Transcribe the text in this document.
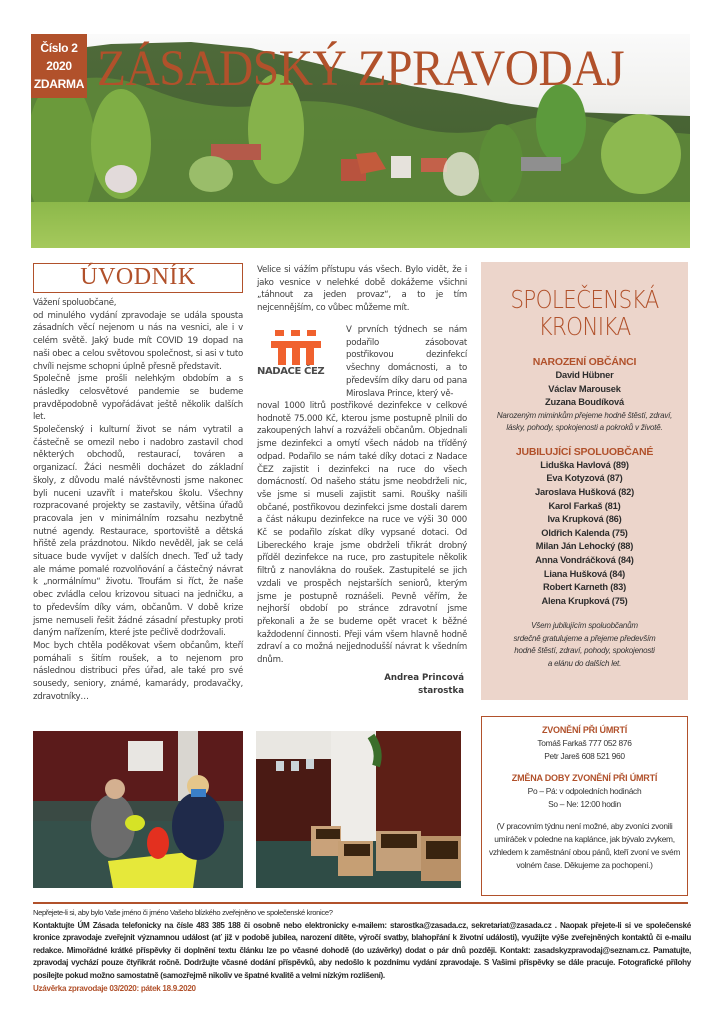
Číslo 2
2020
ZDARMA ZÁSADSKÝ ZPRAVODAJ
ÚVODNÍK

Vážení spoluobčané,

od minulého vydání zpravodaje se udála spousta zásadních věcí nejenom u nás na vesnici, ale i v celém světě. Jaký bude mít COVID 19 dopad na naši obec a celou světovou společnost, si asi v tuto chvíli nejsme schopni úplně přesně představit.

Společně jsme prošli nelehkým obdobím a s následky celosvětové pandemie se budeme pravděpodobně vypořádávat ještě několik dalších let.

Společenský i kulturní život se nám vytratil a částečně se omezil nebo i nadobro zastavil chod některých obchodů, restaurací, továren a organizací. Žáci nesměli docházet do základní školy, z důvodu malé návštěvnosti jsme nakonec byli nuceni uzavřít i mateřskou školu. Všechny rozpracované projekty se zastavily, většina úřadů pracovala jen v minimálním rozsahu nezbytně nutné agendy. Restaurace, sportoviště a dětská hřiště zela prázdnotou. Nikdo nevěděl, jak se celá situace bude vyvíjet v dalších dnech. Teď už tady ale máme pomalé rozvolňování a částečný návrat k „normálnímu“ životu. Troufám si říct, že naše obec zvládla celou krizovou situaci na jedničku, a to především díky vám, občanům. V době krize jsme nemuseli řešit žádné zásadní přestupky proti daným nařízením, které jste pečlivě dodržovali.

Moc bych chtěla poděkovat všem občanům, kteří pomáhali s šitím roušek, a to nejenom pro následnou distribuci přes úřad, ale také pro své sousedy, seniory, známé, kamarády, prodavačky, zdravotníky…

Velice si vážím přístupu vás všech. Bylo vidět, že i jako vesnice v nelehké době dokážeme všichni „táhnout za jeden provaz“, a to je tím nejcennějším, co vůbec můžeme mít.

NADACE ČEZ
V prvních týdnech se nám podařilo zásobovat postřikovou dezinfekcí všechny domácnosti, a to především díky daru od pana Miroslava Prince, který vě-

noval 1000 litrů postřikové dezinfekce v celkové hodnotě 75.000 Kč, kterou jsme postupně plnili do zakoupených lahví a rozváželi občanům. Objednali jsme dezinfekci a omytí všech nádob na tříděný odpad. Podařilo se nám také díky dotaci z Nadace ČEZ zajistit i dezinfekci na ruce do všech domácností. Od našeho státu jsme neobdrželi nic, vše jsme si museli zajistit sami. Roušky našili občané, postřikovou dezinfekci jsme dostali darem a část nákupu dezinfekce na ruce ve výši 30 000 Kč se podařilo získat díky vypsané dotaci. Od Libereckého kraje jsme obdrželi třikrát drobný příděl dezinfekce na ruce, pro zastupitele několik filtrů z nanovlákna do roušek. Zastupitelé se jich vzdali ve prospěch nejstarších seniorů, kterým jsme je postupně roznášeli. Pevně věřím, že nejhorší období po stránce zdravotní jsme překonali a že se budeme opět vracet k běžné každodenní činnosti. Přeji vám všem hlavně hodně zdraví a co možná nejjednodušší návrat k všedním dnům.

Andrea Princová
starostka
SPOLEČENSKÁ
KRONIKA
NAROZENÍ OBČÁNCI
David Hübner
Václav Marousek
Zuzana Boudíková
Narozeným miminkům přejeme hodně štěstí, zdraví,
lásky, pohody, spokojenosti a pokroků v životě.
JUBILUJÍCÍ SPOLUOBČANÉ
Liduška Havlová (89)
Eva Kotyzová (87)
Jaroslava Hušková (82)
Karol Farkaš (81)
Iva Krupková (86)
Oldřich Kalenda (75)
Milan Ján Lehocký (88)
Anna Vondráčková (84)
Liana Hušková (84)
Robert Karneth (83)
Alena Krupková (75)
Všem jubilujícím spoluobčanům
srdečně gratulujeme a přejeme především
hodně štěstí, zdraví, pohody, spokojenosti
a elánu do dalších let.
ZVONĚNÍ PŘI ÚMRTÍ
Tomáš Farkaš 777 052 876
Petr Jareš 608 521 960
ZMĚNA DOBY ZVONĚNÍ PŘI ÚMRTÍ
Po – Pá: v odpoledních hodinách
So – Ne: 12:00 hodin
(V pracovním týdnu není možné, aby zvoníci zvonili
umíráček v poledne na kaplánce, jak bývalo zvykem,
vzhledem k zaměstnání obou pánů, kteří zvoní ve svém
volném čase. Děkujeme za pochopení.)
Nepřejete-li si, aby bylo Vaše jméno či jméno Vašeho blízkého zveřejněno ve společenské kronice?
Kontaktujte ÚM Zásada telefonicky na čísle 483 385 188 či osobně nebo elektronicky e-mailem: starostka@zasada.cz, sekretariat@zasada.cz . Naopak přejete-li si ve společenské kronice zpravodaje zveřejnit významnou událost (ať již v podobě jubilea, narození dítěte, výročí svatby, blahopřání k životní události), využijte výše zveřejněných kontaktů či e-mailu redakce. Mimořádné krátké příspěvky či doplnění textu článku lze po včasné dohodě (do uzávěrky) dodat o pár dnů později. Kontakt: zasadskyzpravodaj@seznam.cz. Pamatujte, zpravodaj vychází pouze čtyřikrát ročně. Dodržujte včasné dodání příspěvků, aby nedošlo k pozdnímu vydání zpravodaje. S Vašimi příspěvky se dále pracuje. Fotografické přílohy posílejte pokud možno samostatně (samozřejmě nikoliv ve špatné kvalitě a velmi nízkým rozlišení).
Uzávěrka zpravodaje 03/2020: pátek 18.9.2020
